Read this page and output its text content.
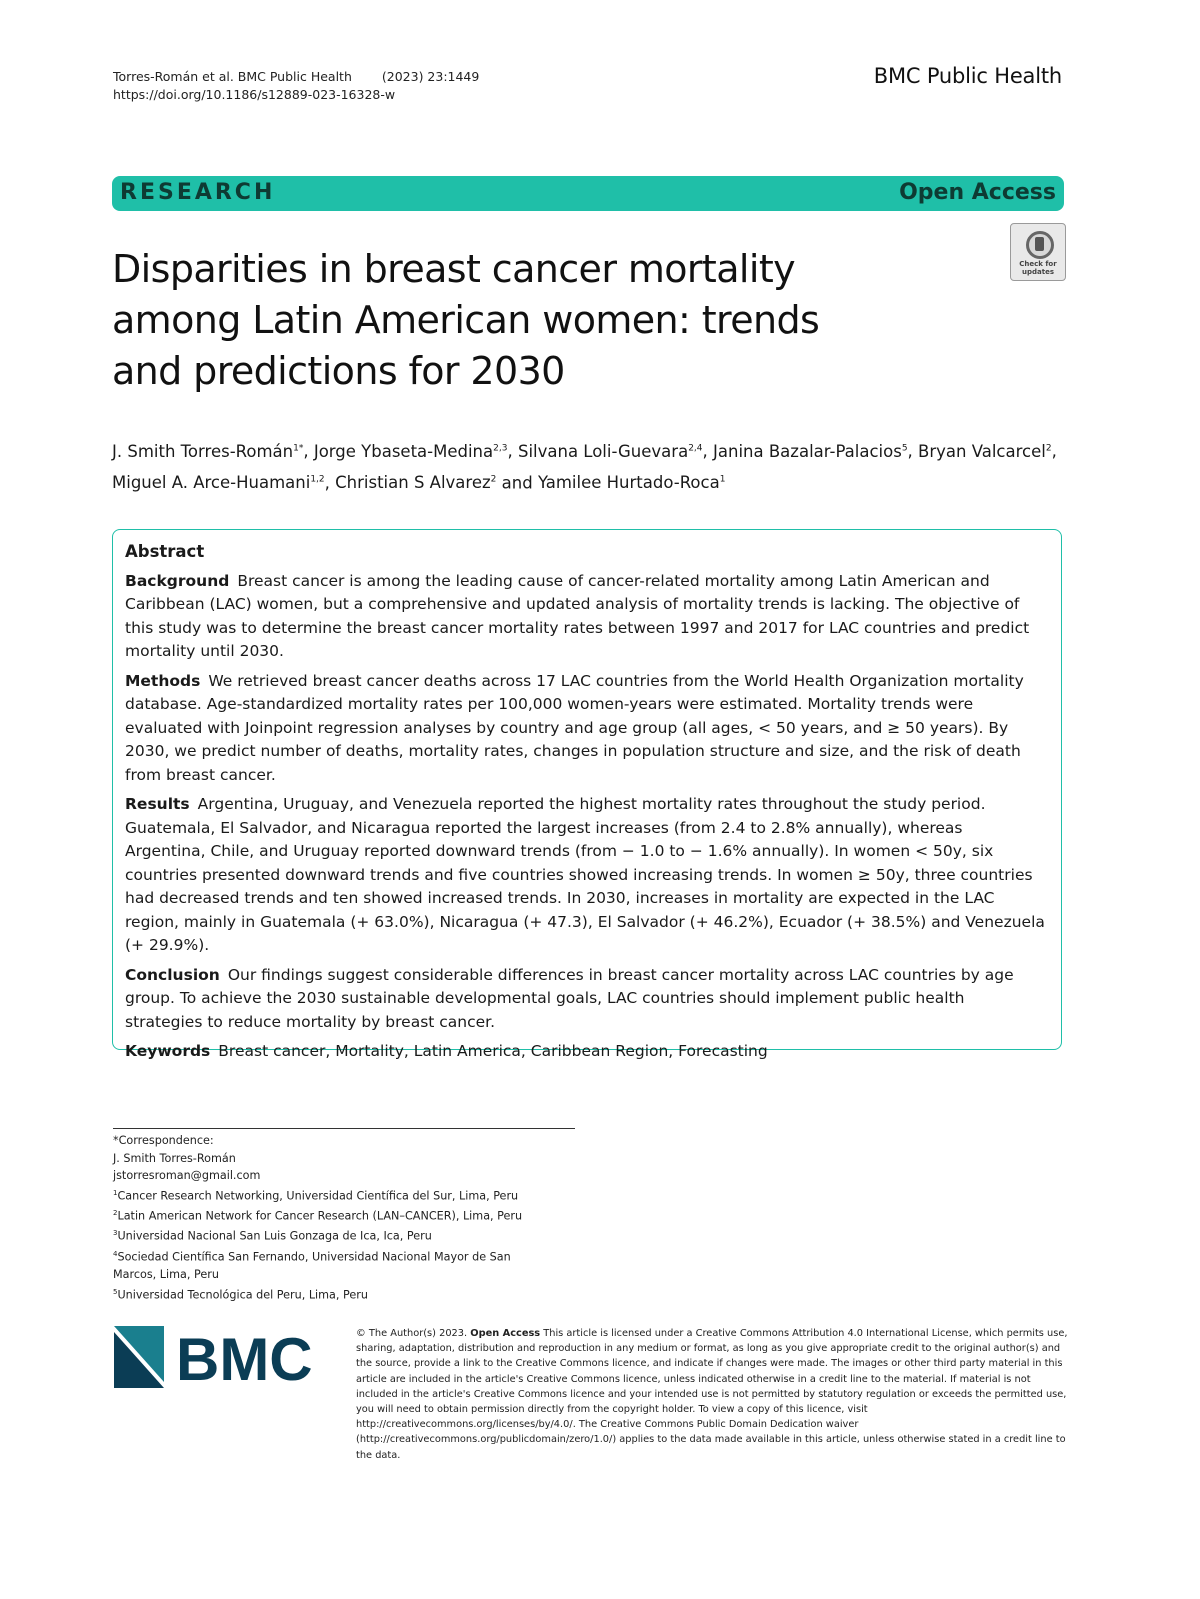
Torres-Román et al. BMC Public Health (2023) 23:1449
https://doi.org/10.1186/s12889-023-16328-w
BMC Public Health
RESEARCH	Open Access
Check for updates
Disparities in breast cancer mortality among Latin American women: trends and predictions for 2030
J. Smith Torres-Román$^{1*}$, Jorge Ybaseta-Medina$^{2,3}$, Silvana Loli-Guevara$^{2,4}$, Janina Bazalar-Palacios$^5$, Bryan Valcarcel$^2$,
Miguel A. Arce-Huamani$^{1,2}$, Christian S Alvarez$^2$ and Yamilee Hurtado-Roca$^1$
Abstract

Background Breast cancer is among the leading cause of cancer-related mortality among Latin American and Caribbean (LAC) women, but a comprehensive and updated analysis of mortality trends is lacking. The objective of this study was to determine the breast cancer mortality rates between 1997 and 2017 for LAC countries and predict mortality until 2030.

Methods We retrieved breast cancer deaths across 17 LAC countries from the World Health Organization mortality database. Age-standardized mortality rates per 100,000 women-years were estimated. Mortality trends were evaluated with Joinpoint regression analyses by country and age group (all ages, < 50 years, and ≥ 50 years). By 2030, we predict number of deaths, mortality rates, changes in population structure and size, and the risk of death from breast cancer.

Results Argentina, Uruguay, and Venezuela reported the highest mortality rates throughout the study period. Guatemala, El Salvador, and Nicaragua reported the largest increases (from 2.4 to 2.8% annually), whereas Argentina, Chile, and Uruguay reported downward trends (from − 1.0 to − 1.6% annually). In women < 50y, six countries presented downward trends and five countries showed increasing trends. In women ≥ 50y, three countries had decreased trends and ten showed increased trends. In 2030, increases in mortality are expected in the LAC region, mainly in Guatemala (+ 63.0%), Nicaragua (+ 47.3), El Salvador (+ 46.2%), Ecuador (+ 38.5%) and Venezuela (+ 29.9%).

Conclusion Our findings suggest considerable differences in breast cancer mortality across LAC countries by age group. To achieve the 2030 sustainable developmental goals, LAC countries should implement public health strategies to reduce mortality by breast cancer.

Keywords Breast cancer, Mortality, Latin America, Caribbean Region, Forecasting

*Correspondence:
J. Smith Torres-Román
jstorresroman@gmail.com
$^1$Cancer Research Networking, Universidad Científica del Sur, Lima, Peru
$^2$Latin American Network for Cancer Research (LAN–CANCER), Lima, Peru
$^3$Universidad Nacional San Luis Gonzaga de Ica, Ica, Peru
$^4$Sociedad Científica San Fernando, Universidad Nacional Mayor de San
Marcos, Lima, Peru
$^5$Universidad Tecnológica del Peru, Lima, Peru
BMC	© The Author(s) 2023. Open Access This article is licensed under a Creative Commons Attribution 4.0 International License, which permits use, sharing, adaptation, distribution and reproduction in any medium or format, as long as you give appropriate credit to the original author(s) and the source, provide a link to the Creative Commons licence, and indicate if changes were made. The images or other third party material in this article are included in the article's Creative Commons licence, unless indicated otherwise in a credit line to the material. If material is not included in the article's Creative Commons licence and your intended use is not permitted by statutory regulation or exceeds the permitted use, you will need to obtain permission directly from the copyright holder. To view a copy of this licence, visit http://creativecommons.org/licenses/by/4.0/. The Creative Commons Public Domain Dedication waiver (http://creativecommons.org/publicdomain/zero/1.0/) applies to the data made available in this article, unless otherwise stated in a credit line to the data.
